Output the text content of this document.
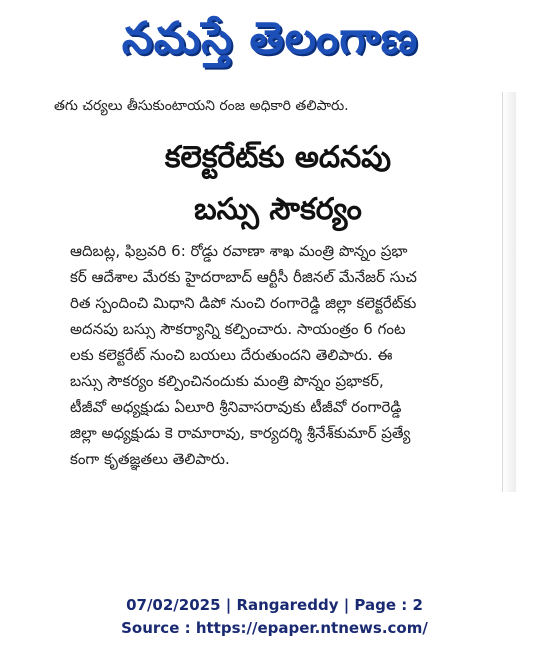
నమస్తే తెలంగాణ
తగు చర్యలు తీసుకుంటాయని రంజ అధికారి తలిపారు.
కలెక్టరేట్‌కు అదనపు
బస్సు సౌకర్యం
ఆదిబట్ల, ఫిబ్రవరి 6: రోడ్డు రవాణా శాఖ మంత్రి పొన్నం ప్రభా
కర్ ఆదేశాల మేరకు హైదరాబాద్ ఆర్టీసీ రీజినల్ మేనేజర్ సుచ
రిత స్పందించి మిధాని డిపో నుంచి రంగారెడ్డి జిల్లా కలెక్టరేట్‌కు
అదనపు బస్సు సౌకర్యాన్ని కల్పించారు. సాయంత్రం 6 గంట
లకు కలెక్టరేట్ నుంచి బయలు దేరుతుందని తెలిపారు. ఈ
బస్సు సౌకర్యం కల్పించినందుకు మంత్రి పొన్నం ప్రభాకర్,
టీజీవో అధ్యక్షుడు ఏలూరి శ్రీనివాసరావుకు టీజీవో రంగారెడ్డి
జిల్లా అధ్యక్షుడు కె రామారావు, కార్యదర్శి శ్రీనేశ్‌కుమార్ ప్రత్యే
కంగా కృతజ్ఞతలు తెలిపారు.
07/02/2025 | Rangareddy | Page : 2
Source : https://epaper.ntnews.com/
